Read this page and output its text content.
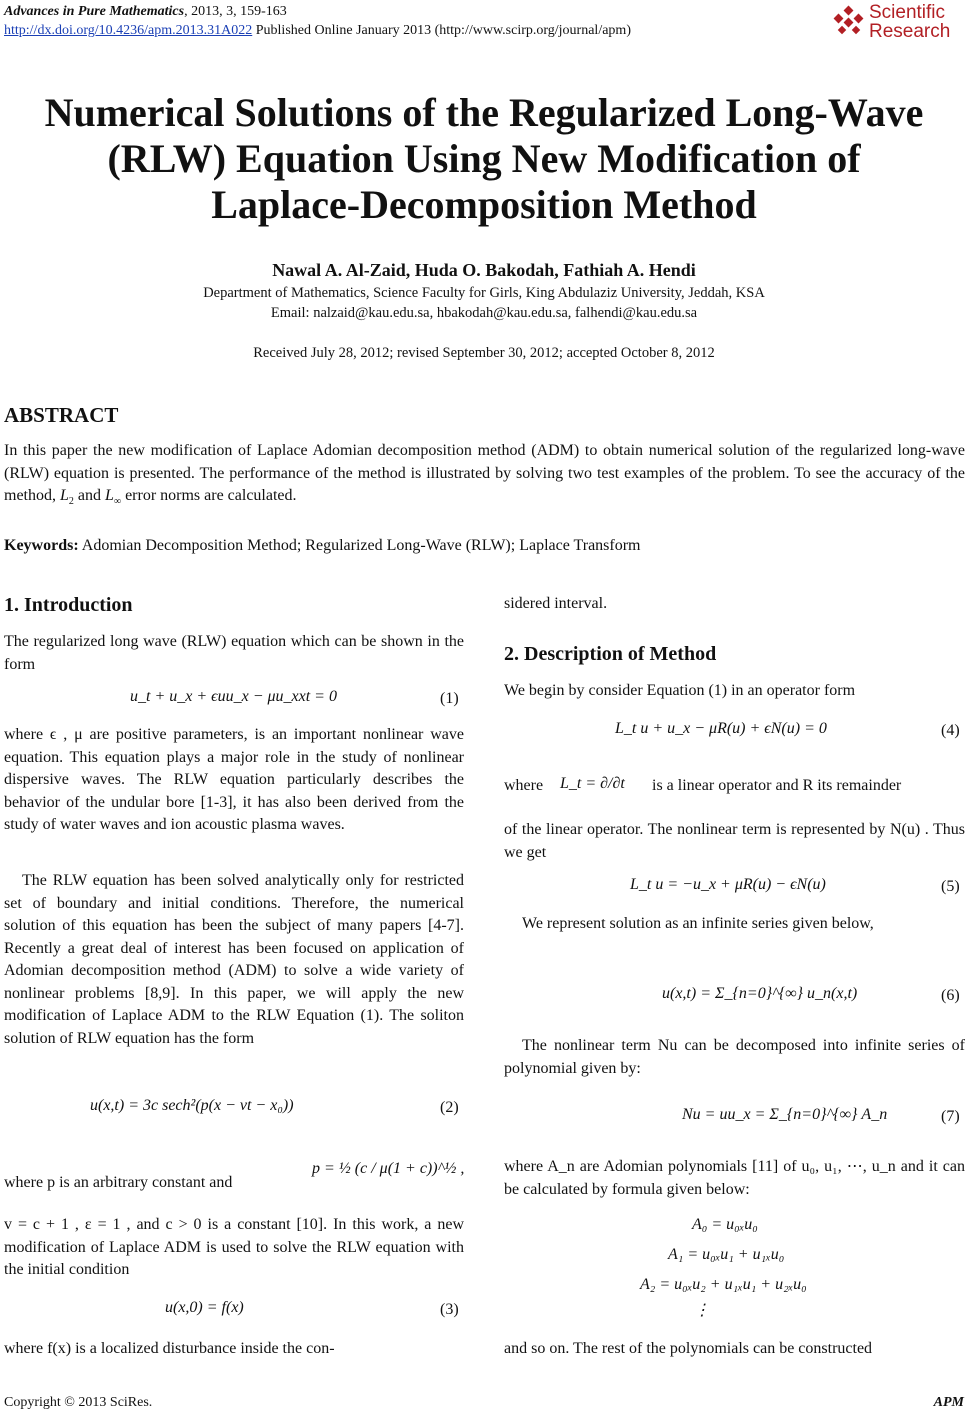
Advances in Pure Mathematics, 2013, 3, 159-163
http://dx.doi.org/10.4236/apm.2013.31A022 Published Online January 2013 (http://www.scirp.org/journal/apm)
Scientific
Research
Numerical Solutions of the Regularized Long-Wave
(RLW) Equation Using New Modification of
Laplace-Decomposition Method
Nawal A. Al-Zaid, Huda O. Bakodah, Fathiah A. Hendi
Department of Mathematics, Science Faculty for Girls, King Abdulaziz University, Jeddah, KSA
Email: nalzaid@kau.edu.sa, hbakodah@kau.edu.sa, falhendi@kau.edu.sa
Received July 28, 2012; revised September 30, 2012; accepted October 8, 2012
ABSTRACT
In this paper the new modification of Laplace Adomian decomposition method (ADM) to obtain numerical solution of the regularized long-wave (RLW) equation is presented. The performance of the method is illustrated by solving two test examples of the problem. To see the accuracy of the method, $L_2$ and $L_\infty$ error norms are calculated.
Keywords: Adomian Decomposition Method; Regularized Long-Wave (RLW); Laplace Transform
1. Introduction
The regularized long wave (RLW) equation which can be shown in the form
u_t + u_x + ϵuu_x − μu_xxt = 0	(1)
where ϵ , μ are positive parameters, is an important nonlinear wave equation. This equation plays a major role in the study of nonlinear dispersive waves. The RLW equation particularly describes the behavior of the undular bore [1-3], it has also been derived from the study of water waves and ion acoustic plasma waves.
The RLW equation has been solved analytically only for restricted set of boundary and initial conditions. Therefore, the numerical solution of this equation has been the subject of many papers [4-7]. Recently a great deal of interest has been focused on application of Adomian decomposition method (ADM) to solve a wide variety of nonlinear problems [8,9]. In this paper, we will apply the new modification of Laplace ADM to the RLW Equation (1). The soliton solution of RLW equation has the form
u(x,t) = 3c sech²(p(x − vt − x₀))	(2)
where p is an arbitrary constant and
p = ½ (c / μ(1 + c))^½ ,
v = c + 1 , ε = 1 , and c > 0 is a constant [10]. In this work, a new modification of Laplace ADM is used to solve the RLW equation with the initial condition
u(x,0) = f(x)	(3)
where f(x) is a localized disturbance inside the con-
sidered interval.
2. Description of Method
We begin by consider Equation (1) in an operator form
L_t u + u_x − μR(u) + ϵN(u) = 0	(4)
where	L_t = ∂/∂t is a linear operator and R its remainder
of the linear operator. The nonlinear term is represented by N(u) . Thus we get
L_t u = −u_x + μR(u) − ϵN(u)	(5)
We represent solution as an infinite series given below,
u(x,t) = Σ_{n=0}^{∞} u_n(x,t)	(6)
The nonlinear term Nu can be decomposed into infinite series of polynomial given by:
Nu = uu_x = Σ_{n=0}^{∞} A_n	(7)
where A_n are Adomian polynomials [11] of u₀, u₁, ⋯, u_n and it can be calculated by formula given below:
A₀ = u₀ₓu₀
A₁ = u₀ₓu₁ + u₁ₓu₀
A₂ = u₀ₓu₂ + u₁ₓu₁ + u₂ₓu₀
⋮
and so on. The rest of the polynomials can be constructed
Copyright © 2013 SciRes.	APM
